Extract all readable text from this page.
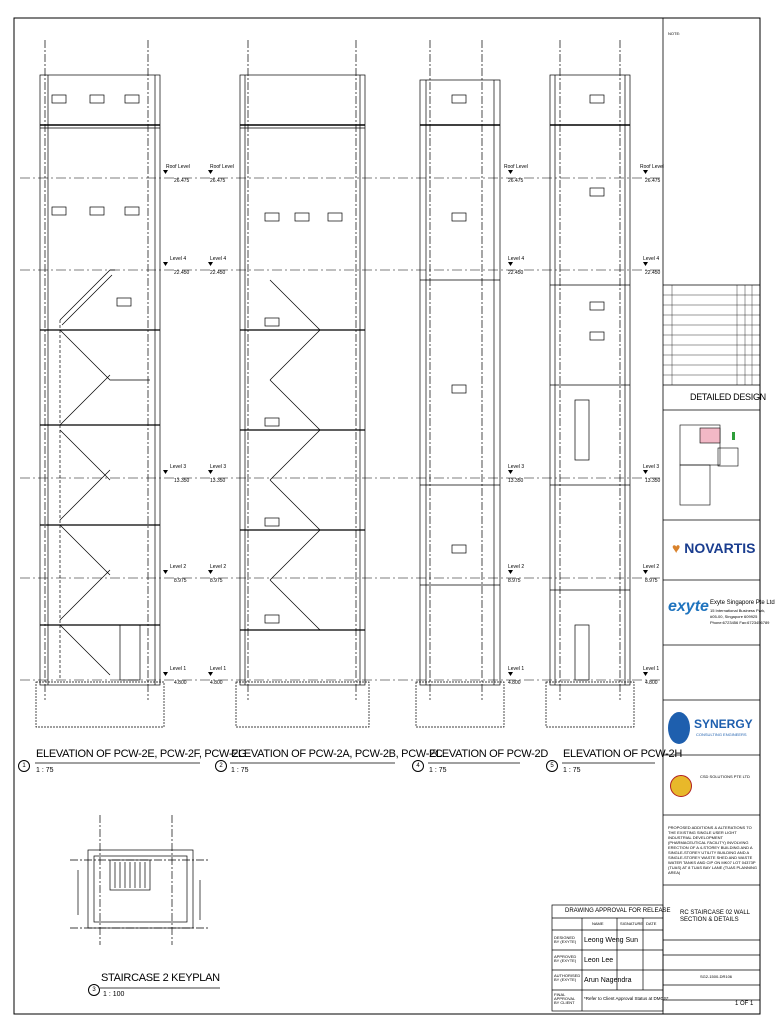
NOTE:
Roof Level
26.475
Level 4
22.450
Level 3
13.350
Level 2
8.975
Level 1
4.800
Roof Level
26.475
Level 4
22.450
Level 3
13.350
Level 2
8.975
Level 1
4.800
Roof Level
26.475
Level 4
22.450
Level 3
13.350
Level 2
8.975
Level 1
4.800
Roof Level
26.475
Level 4
22.450
Level 3
13.350
Level 2
8.975
Level 1
4.800
1
ELEVATION OF PCW-2E, PCW-2F, PCW-2G
1 : 75
2
ELEVATION OF PCW-2A, PCW-2B, PCW-2C
1 : 75
4
ELEVATION OF PCW-2D
1 : 75
5
ELEVATION OF PCW-2H
1 : 75
3
STAIRCASE 2 KEYPLAN
1 : 100
DRAWING APPROVAL FOR RELEASE
NAME	SIGNATURE DATE
DESIGNED BY (EXYTE)	Leong Weng Sun
APPROVED BY (EXYTE)	Leon Lee
AUTHORISED BY (EXYTE)	Arun Nagendra
FINAL APPROVAL BY CLIENT
*Refer to Client Approval Status at DMCS*
DETAILED DESIGN
♥ NOVARTIS
exyte Exyte Singapore Pte Ltd
15 International Business Park,
#05-00, Singapore 609925
Phone:6723456 Fax:6723456789
SYNERGY
CONSULTING ENGINEERS
CSD SOLUTIONS PTE LTD
PROPOSED ADDITIONS & ALTERATIONS TO THE EXISTING SINGLE USER LIGHT INDUSTRIAL DEVELOPMENT (PHARMACEUTICAL FACILITY) INVOLVING ERECTION OF A 4-STOREY BUILDING AND A SINGLE-STOREY UTILITY BUILDING AND A SINGLE-STOREY WASTE SHED AND WASTE WATER TANKS AND CIP ON MK07 LOT 04373P (TUAS) AT 8 TUAS BAY LANE (TUAS PLANNING AREA)
RC STAIRCASE 02 WALL SECTION & DETAILS
SG2-1500-DR106
1 OF 1
